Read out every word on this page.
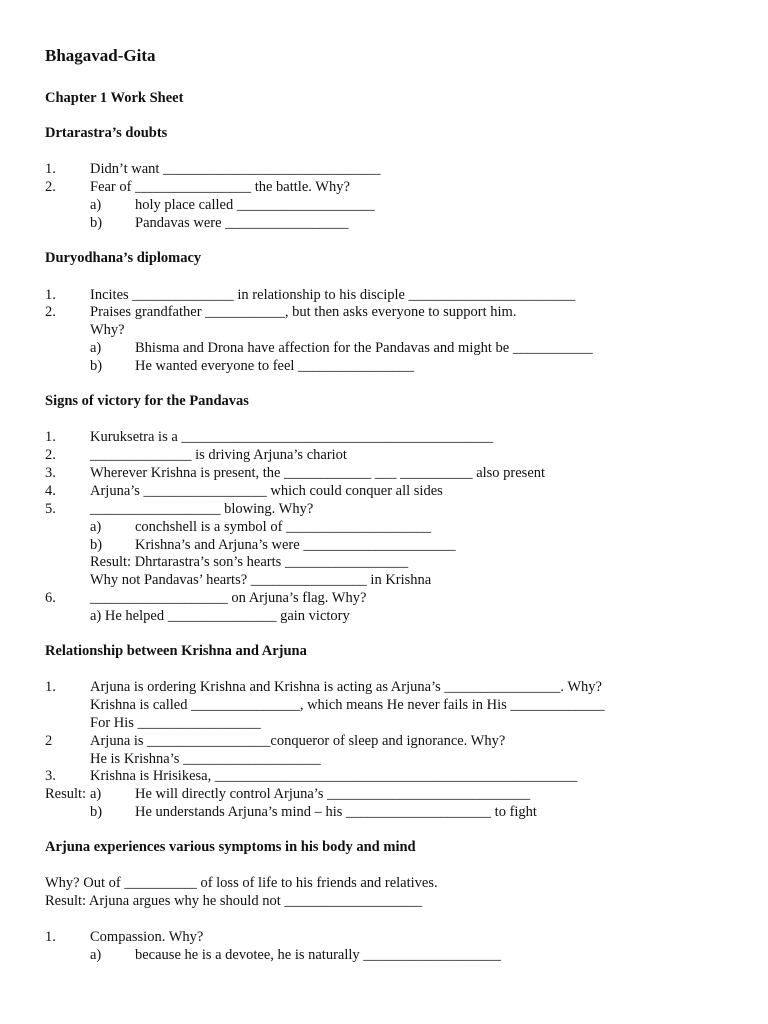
Bhagavad-Gita
Chapter 1 Work Sheet
Drtarastra’s doubts
1. Didn’t want ______________________________
2. Fear of ________________ the battle. Why?
a) holy place called ___________________
b) Pandavas were _________________
Duryodhana’s diplomacy
1. Incites ______________ in relationship to his disciple _______________________
2. Praises grandfather ___________, but then asks everyone to support him.
Why?
a) Bhisma and Drona have affection for the Pandavas and might be ___________
b) He wanted everyone to feel ________________
Signs of victory for the Pandavas
1. Kuruksetra is a ___________________________________________
2. ______________ is driving Arjuna’s chariot
3. Wherever Krishna is present, the ____________ ___ __________ also present
4. Arjuna’s _________________ which could conquer all sides
5. __________________ blowing. Why?
a) conchshell is a symbol of ____________________
b) Krishna’s and Arjuna’s were _____________________
Result: Dhrtarastra’s son’s hearts _________________
Why not Pandavas’ hearts? ________________ in Krishna
6. ___________________ on Arjuna’s flag. Why?
a) He helped _______________ gain victory
Relationship between Krishna and Arjuna
1. Arjuna is ordering Krishna and Krishna is acting as Arjuna’s ________________. Why?
Krishna is called _______________, which means He never fails in His _____________
For His _________________
2	Arjuna is _________________conqueror of sleep and ignorance. Why?
He is Krishna’s ___________________
3. Krishna is Hrisikesa, __________________________________________________
Result: a) He will directly control Arjuna’s ____________________________
b) He understands Arjuna’s mind – his ____________________ to fight
Arjuna experiences various symptoms in his body and mind
Why? Out of __________ of loss of life to his friends and relatives.
Result: Arjuna argues why he should not ___________________
1. Compassion. Why?
a) because he is a devotee, he is naturally ___________________
